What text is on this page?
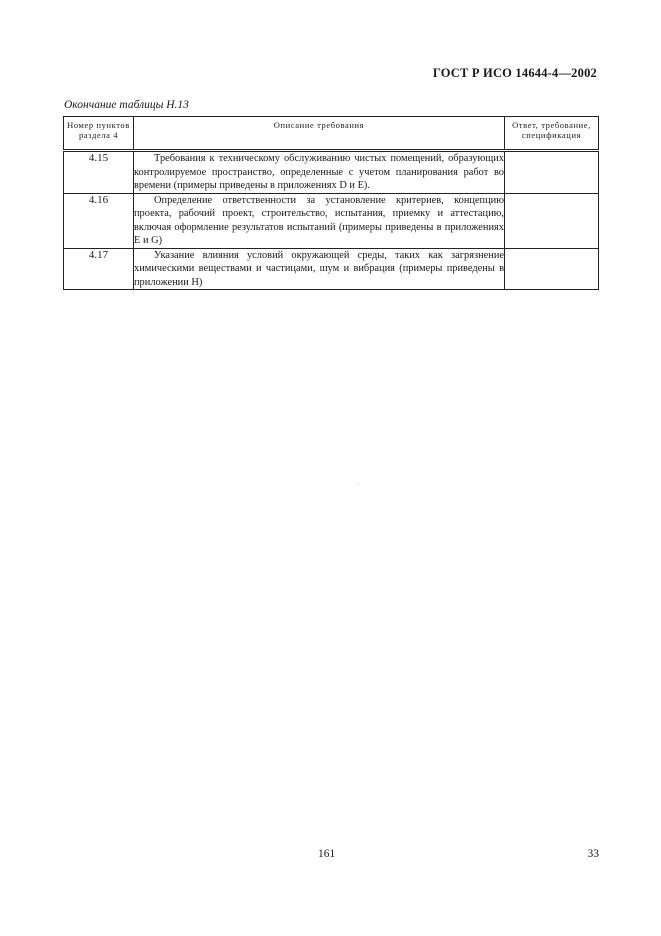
ГОСТ Р ИСО 14644-4—2002
Окончание таблицы Н.13
Номер пунктов раздела 4	Описание требования	Ответ, требование, спецификация
4.15	Требования к техническому обслуживанию чистых помещений, образующих контролируемое пространство, определенные с учетом планирования работ во времени (примеры приведены в приложениях D и Е).	
4.16	Определение ответственности за установление критериев, концепцию проекта, рабочий проект, строительство, испытания, приемку и аттестацию, включая оформление результатов испытаний (примеры приведены в приложениях Е и G)	
4.17	Указание влияния условий окружающей среды, таких как загрязнение химическими веществами и частицами, шум и вибрация (примеры приведены в приложении Н)	
161	33
